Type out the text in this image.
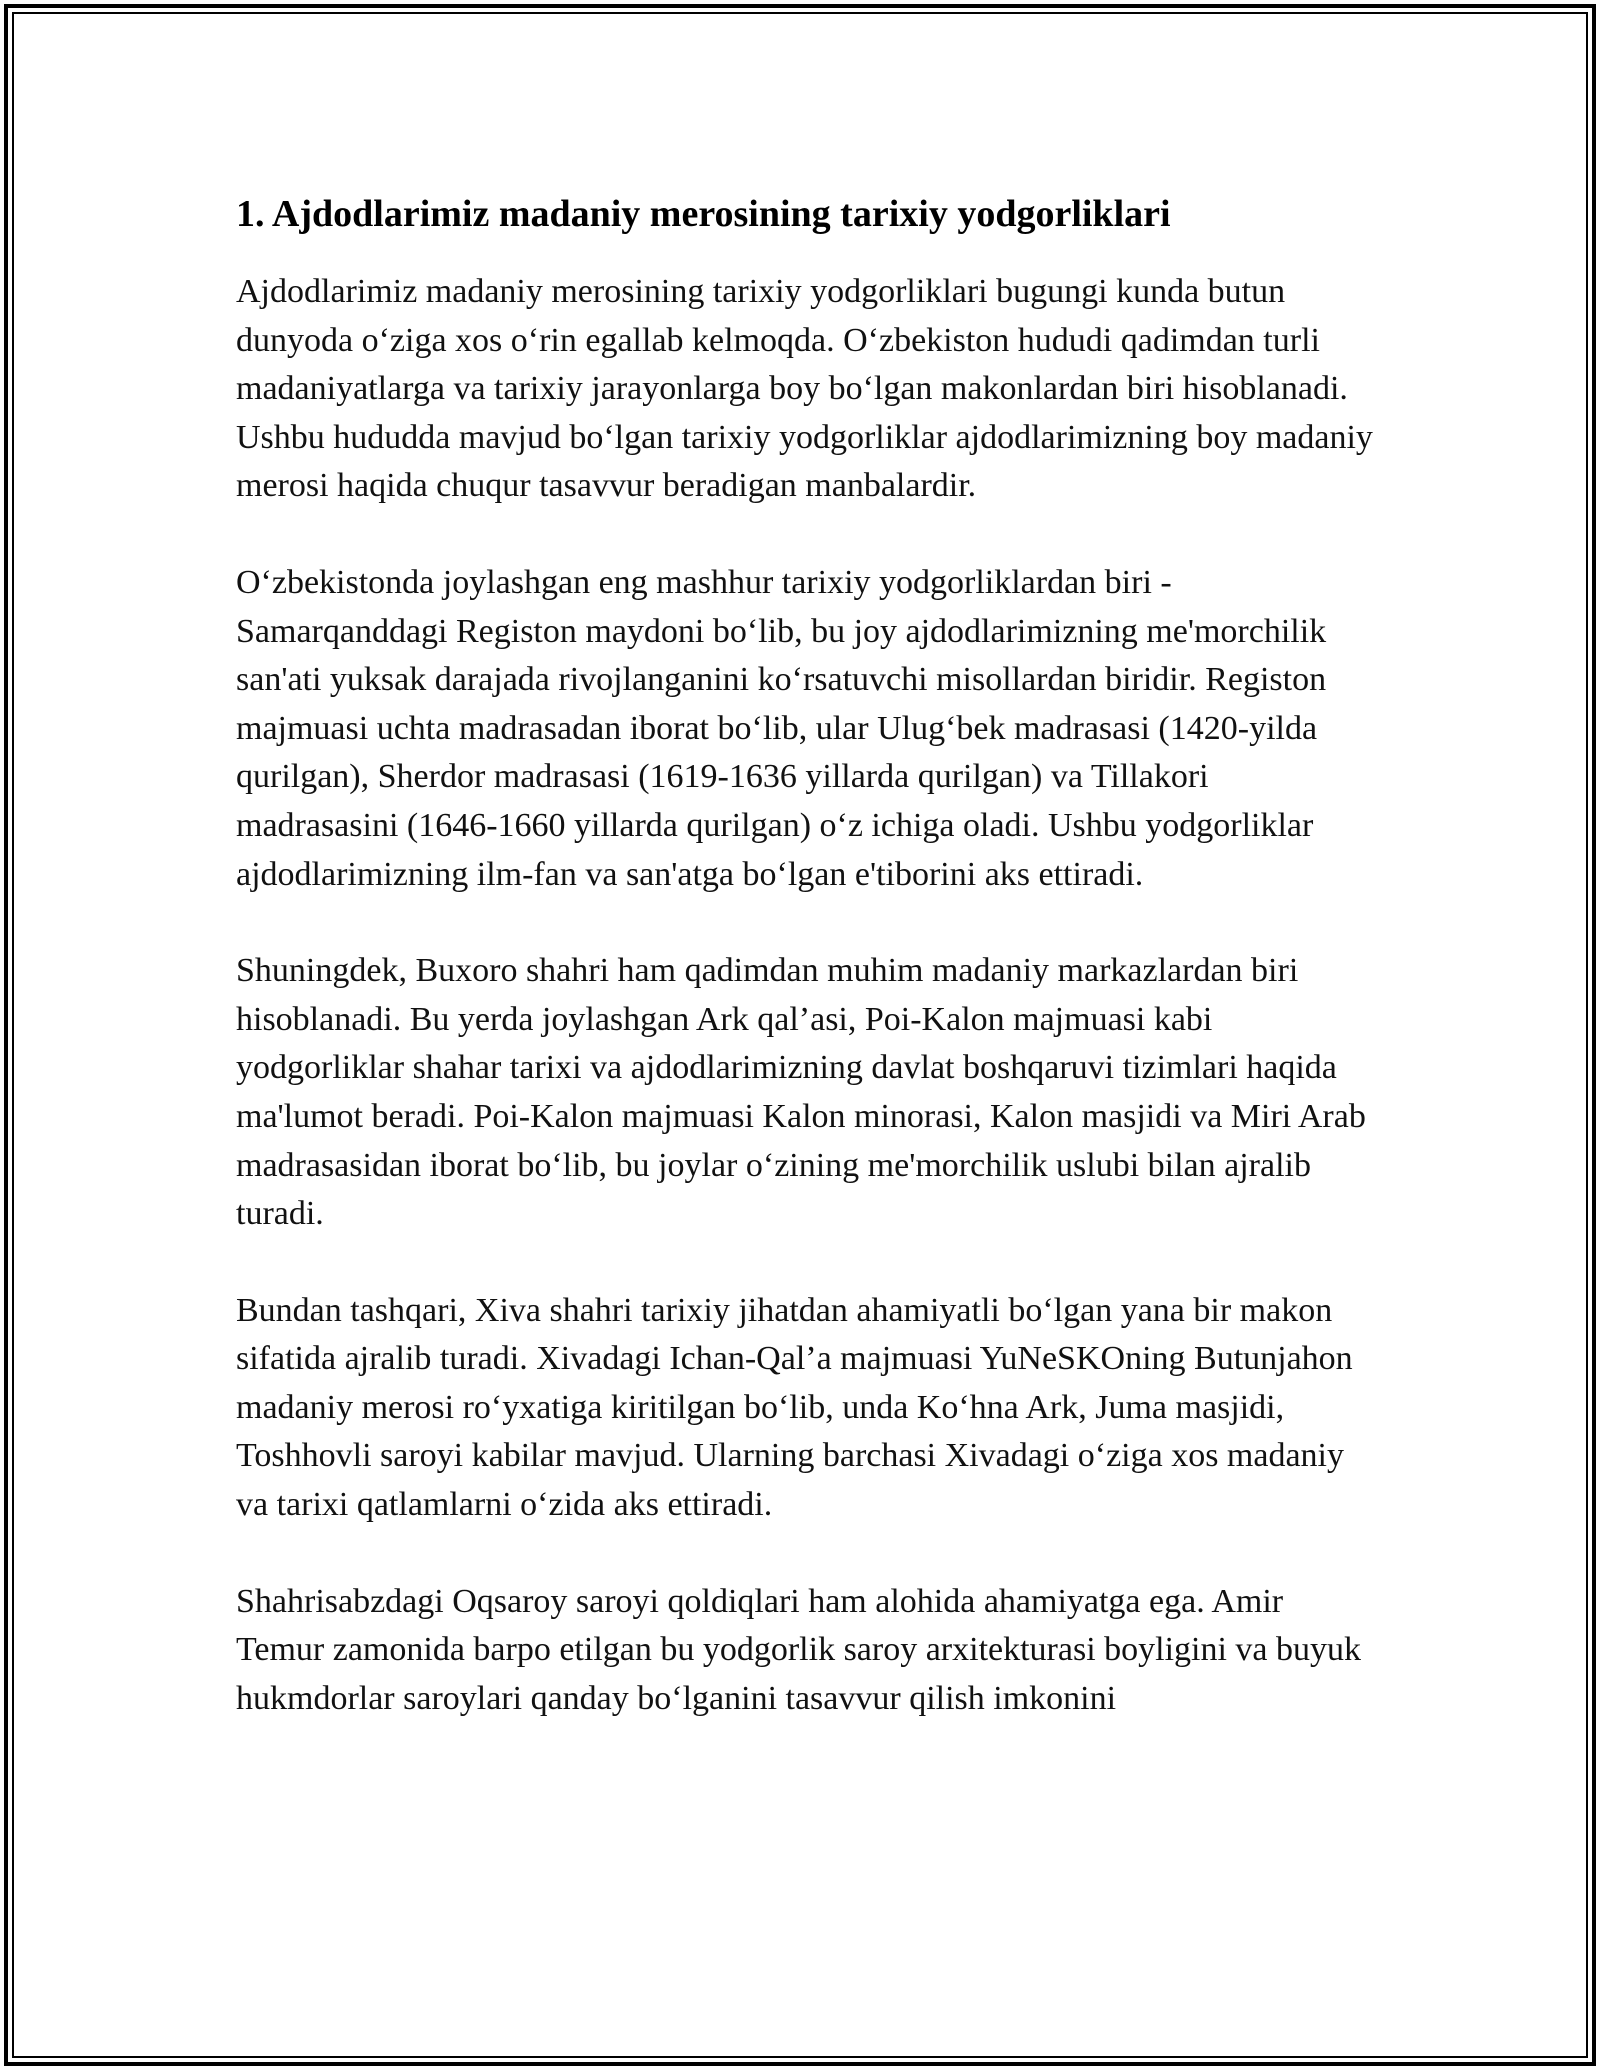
1. Ajdodlarimiz madaniy merosining tarixiy yodgorliklari

Ajdodlarimiz madaniy merosining tarixiy yodgorliklari bugungi kunda butun dunyoda o‘ziga xos o‘rin egallab kelmoqda. O‘zbekiston hududi qadimdan turli madaniyatlarga va tarixiy jarayonlarga boy bo‘lgan makonlardan biri hisoblanadi. Ushbu hududda mavjud bo‘lgan tarixiy yodgorliklar ajdodlarimizning boy madaniy merosi haqida chuqur tasavvur beradigan manbalardir.

O‘zbekistonda joylashgan eng mashhur tarixiy yodgorliklardan biri - Samarqanddagi Registon maydoni bo‘lib, bu joy ajdodlarimizning me'morchilik san'ati yuksak darajada rivojlanganini ko‘rsatuvchi misollardan biridir. Registon majmuasi uchta madrasadan iborat bo‘lib, ular Ulug‘bek madrasasi (1420-yilda qurilgan), Sherdor madrasasi (1619-1636 yillarda qurilgan) va Tillakori madrasasini (1646-1660 yillarda qurilgan) o‘z ichiga oladi. Ushbu yodgorliklar ajdodlarimizning ilm-fan va san'atga bo‘lgan e'tiborini aks ettiradi.

Shuningdek, Buxoro shahri ham qadimdan muhim madaniy markazlardan biri hisoblanadi. Bu yerda joylashgan Ark qal’asi, Poi-Kalon majmuasi kabi yodgorliklar shahar tarixi va ajdodlarimizning davlat boshqaruvi tizimlari haqida ma'lumot beradi. Poi-Kalon majmuasi Kalon minorasi, Kalon masjidi va Miri Arab madrasasidan iborat bo‘lib, bu joylar o‘zining me'morchilik uslubi bilan ajralib turadi.

Bundan tashqari, Xiva shahri tarixiy jihatdan ahamiyatli bo‘lgan yana bir makon sifatida ajralib turadi. Xivadagi Ichan-Qal’a majmuasi YuNeSKOning Butunjahon madaniy merosi ro‘yxatiga kiritilgan bo‘lib, unda Ko‘hna Ark, Juma masjidi, Toshhovli saroyi kabilar mavjud. Ularning barchasi Xivadagi o‘ziga xos madaniy va tarixi qatlamlarni o‘zida aks ettiradi.

Shahrisabzdagi Oqsaroy saroyi qoldiqlari ham alohida ahamiyatga ega. Amir Temur zamonida barpo etilgan bu yodgorlik saroy arxitekturasi boyligini va buyuk hukmdorlar saroylari qanday bo‘lganini tasavvur qilish imkonini
